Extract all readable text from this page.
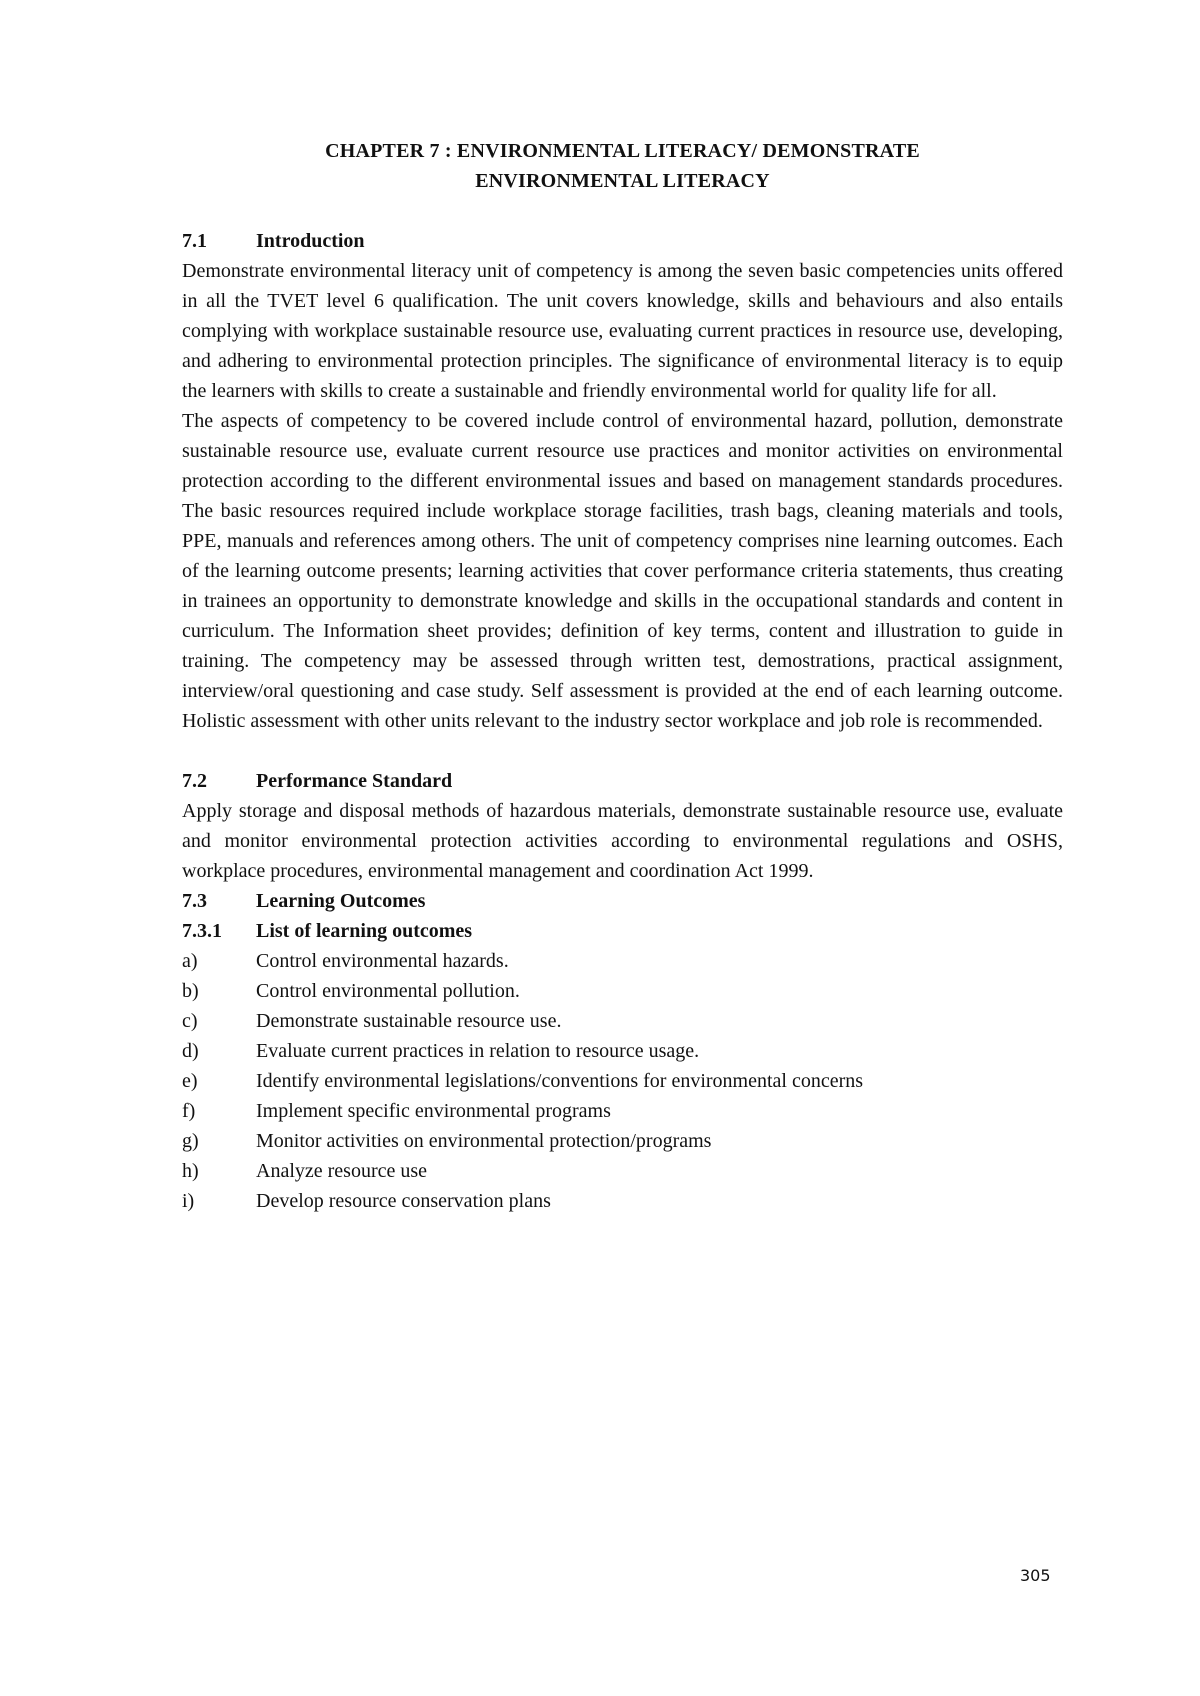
CHAPTER 7 : ENVIRONMENTAL LITERACY/ DEMONSTRATE
ENVIRONMENTAL LITERACY
7.1	Introduction

Demonstrate environmental literacy unit of competency is among the seven basic competencies units offered in all the TVET level 6 qualification. The unit covers knowledge, skills and behaviours and also entails complying with workplace sustainable resource use, evaluating current practices in resource use, developing, and adhering to environmental protection principles. The significance of environmental literacy is to equip the learners with skills to create a sustainable and friendly environmental world for quality life for all.

The aspects of competency to be covered include control of environmental hazard, pollution, demonstrate sustainable resource use, evaluate current resource use practices and monitor activities on environmental protection according to the different environmental issues and based on management standards procedures. The basic resources required include workplace storage facilities, trash bags, cleaning materials and tools, PPE, manuals and references among others. The unit of competency comprises nine learning outcomes. Each of the learning outcome presents; learning activities that cover performance criteria statements, thus creating in trainees an opportunity to demonstrate knowledge and skills in the occupational standards and content in curriculum. The Information sheet provides; definition of key terms, content and illustration to guide in training. The competency may be assessed through written test, demostrations, practical assignment, interview/oral questioning and case study. Self assessment is provided at the end of each learning outcome. Holistic assessment with other units relevant to the industry sector workplace and job role is recommended.

7.2	Performance Standard

Apply storage and disposal methods of hazardous materials, demonstrate sustainable resource use, evaluate and monitor environmental protection activities according to environmental regulations and OSHS, workplace procedures, environmental management and coordination Act 1999.

7.3	Learning Outcomes
7.3.1	List of learning outcomes
a)	Control environmental hazards.
b)	Control environmental pollution.
c)	Demonstrate sustainable resource use.
d)	Evaluate current practices in relation to resource usage.
e)	Identify environmental legislations/conventions for environmental concerns
f)	Implement specific environmental programs
g)	Monitor activities on environmental protection/programs
h)	Analyze resource use
i)	Develop resource conservation plans
305
